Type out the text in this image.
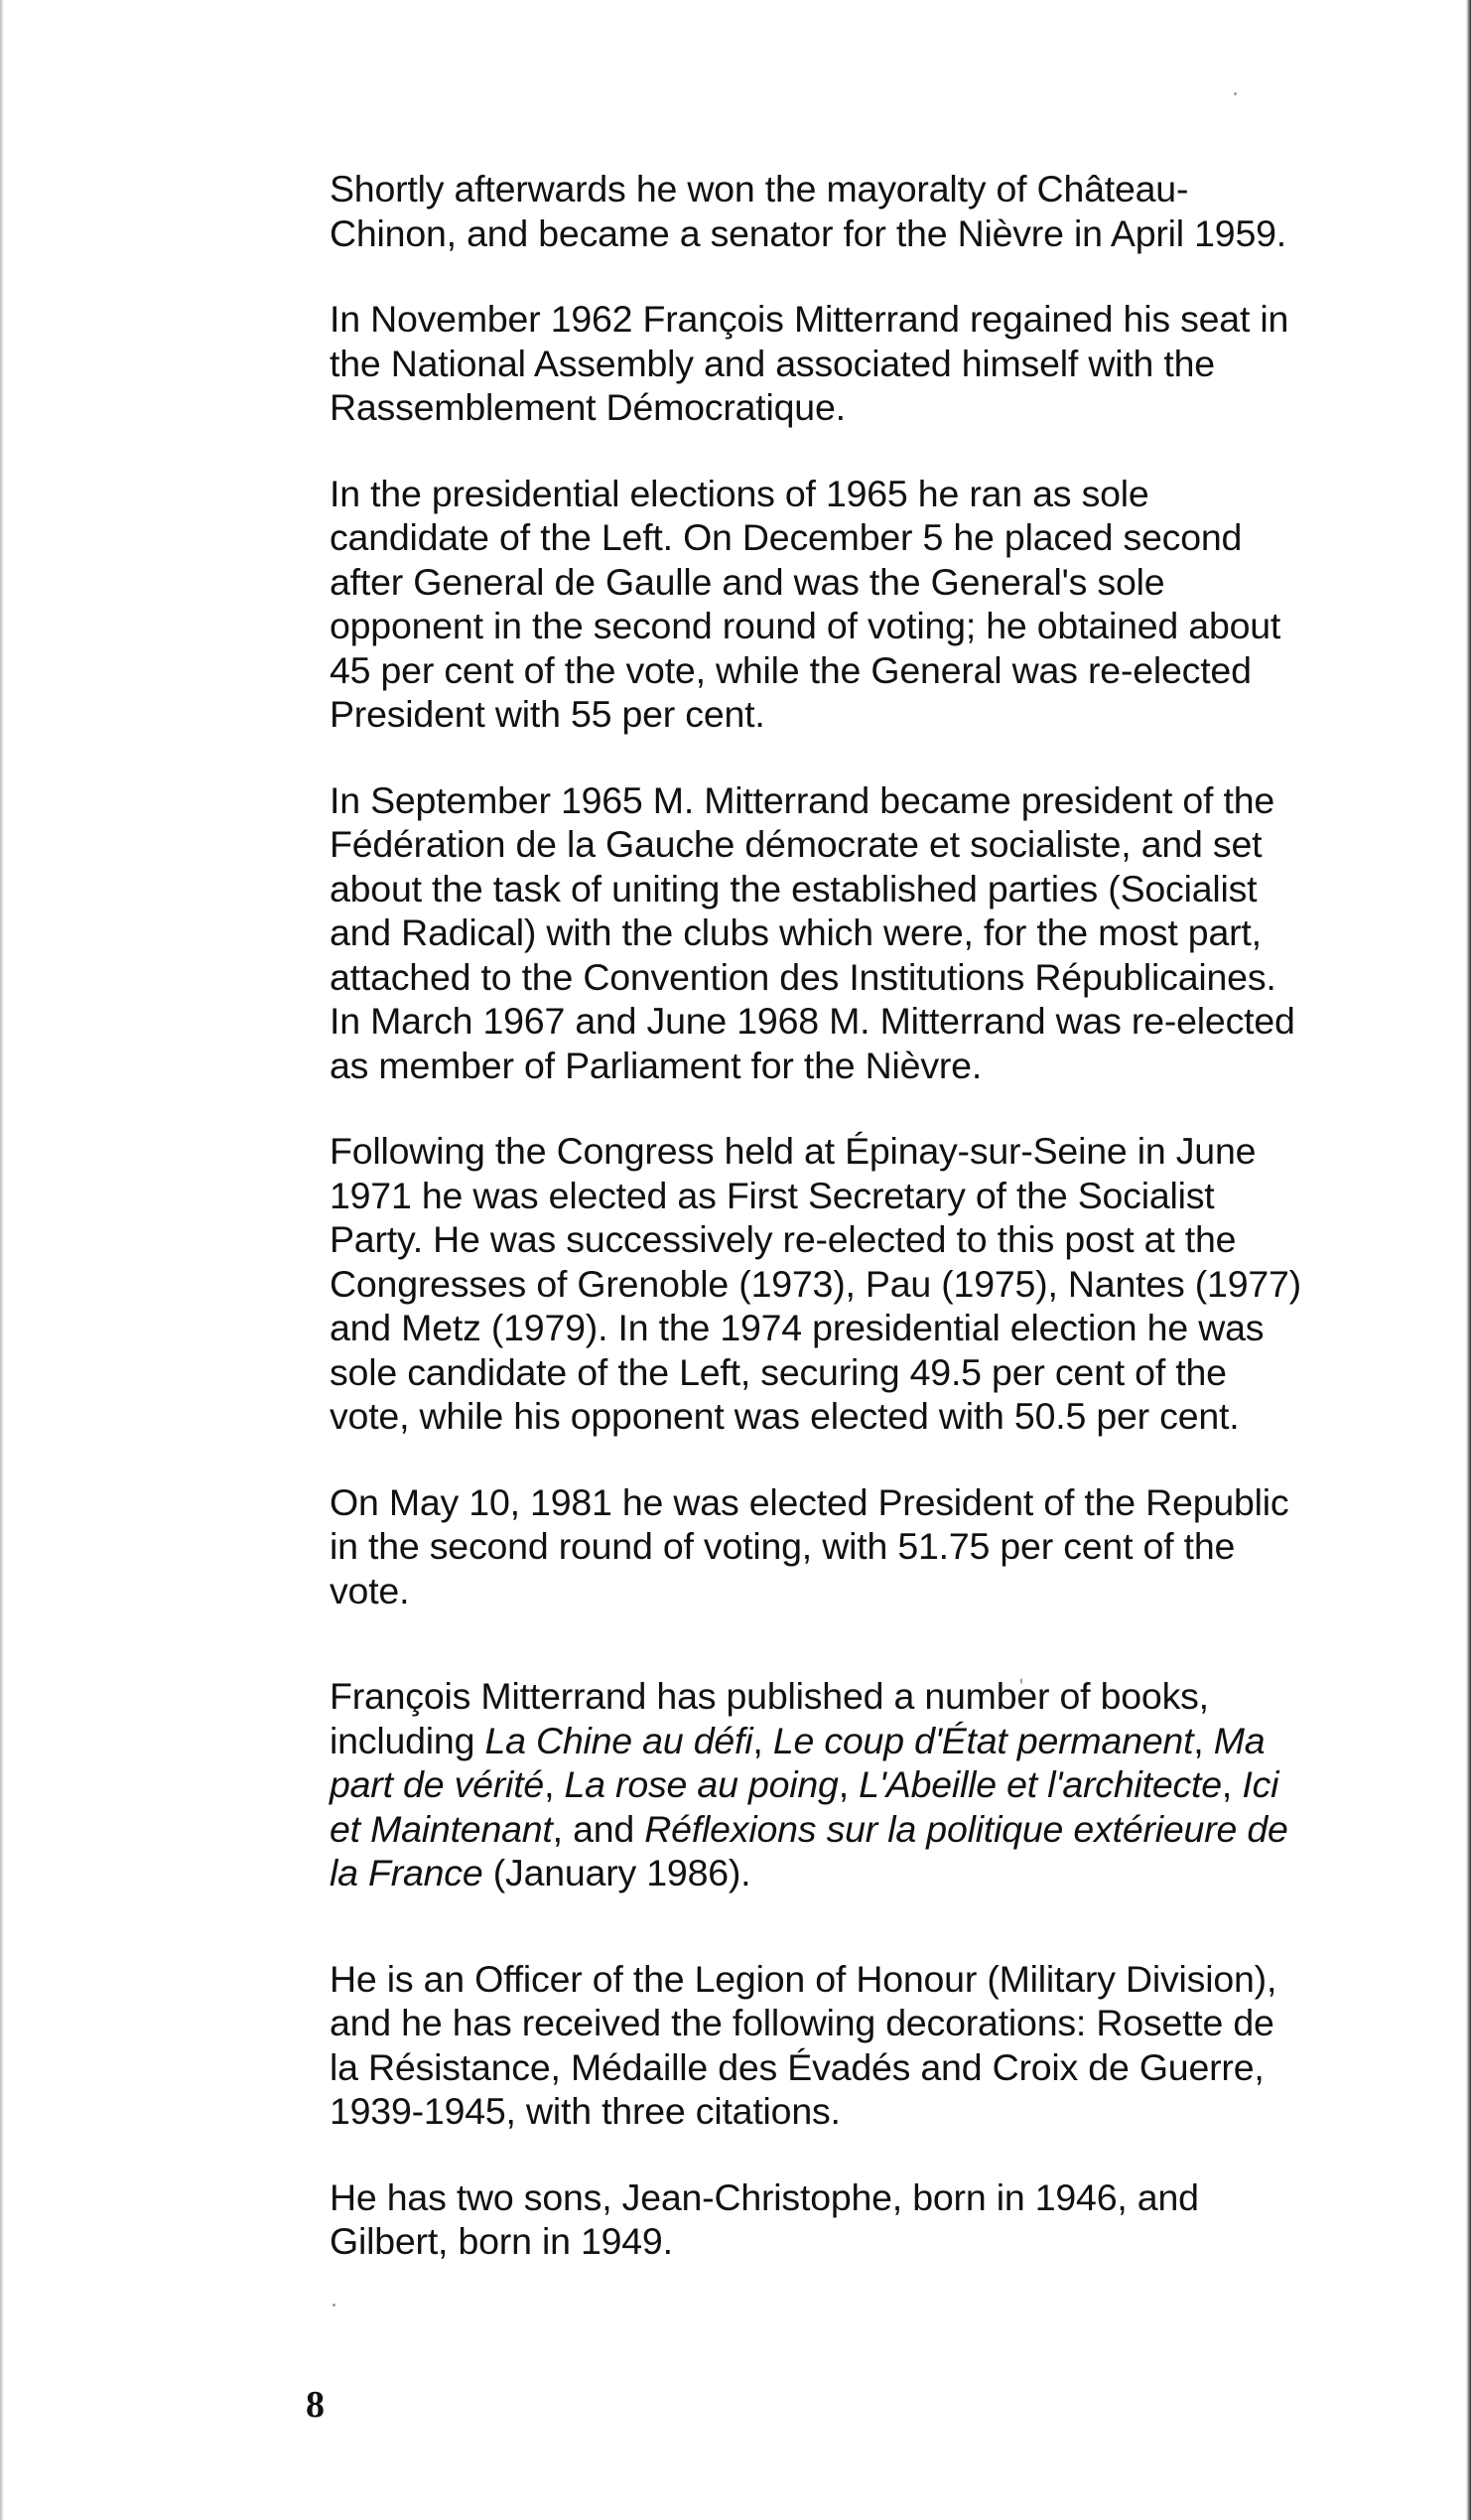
Shortly afterwards he won the mayoralty of Château-Chinon, and became a senator for the Nièvre in April 1959.

In November 1962 François Mitterrand regained his seat in the National Assembly and associated himself with the Rassemblement Démocratique.

In the presidential elections of 1965 he ran as sole candidate of the Left. On December 5 he placed second after General de Gaulle and was the General's sole opponent in the second round of voting; he obtained about 45 per cent of the vote, while the General was re-elected President with 55 per cent.

In September 1965 M. Mitterrand became president of the Fédération de la Gauche démocrate et socialiste, and set about the task of uniting the established parties (Socialist and Radical) with the clubs which were, for the most part, attached to the Convention des Institutions Républicaines. In March 1967 and June 1968 M. Mitterrand was re-elected as member of Parliament for the Nièvre.

Following the Congress held at Épinay-sur-Seine in June 1971 he was elected as First Secretary of the Socialist Party. He was successively re-elected to this post at the Congresses of Grenoble (1973), Pau (1975), Nantes (1977) and Metz (1979). In the 1974 presidential election he was sole candidate of the Left, securing 49.5 per cent of the vote, while his opponent was elected with 50.5 per cent.

On May 10, 1981 he was elected President of the Republic in the second round of voting, with 51.75 per cent of the vote.

François Mitterrand has published a number of books, including La Chine au défi, Le coup d'État permanent, Ma part de vérité, La rose au poing, L'Abeille et l'architecte, Ici et Maintenant, and Réflexions sur la politique extérieure de la France (January 1986).

He is an Officer of the Legion of Honour (Military Division), and he has received the following decorations: Rosette de la Résistance, Médaille des Évadés and Croix de Guerre, 1939-1945, with three citations.

He has two sons, Jean-Christophe, born in 1946, and Gilbert, born in 1949.

8
